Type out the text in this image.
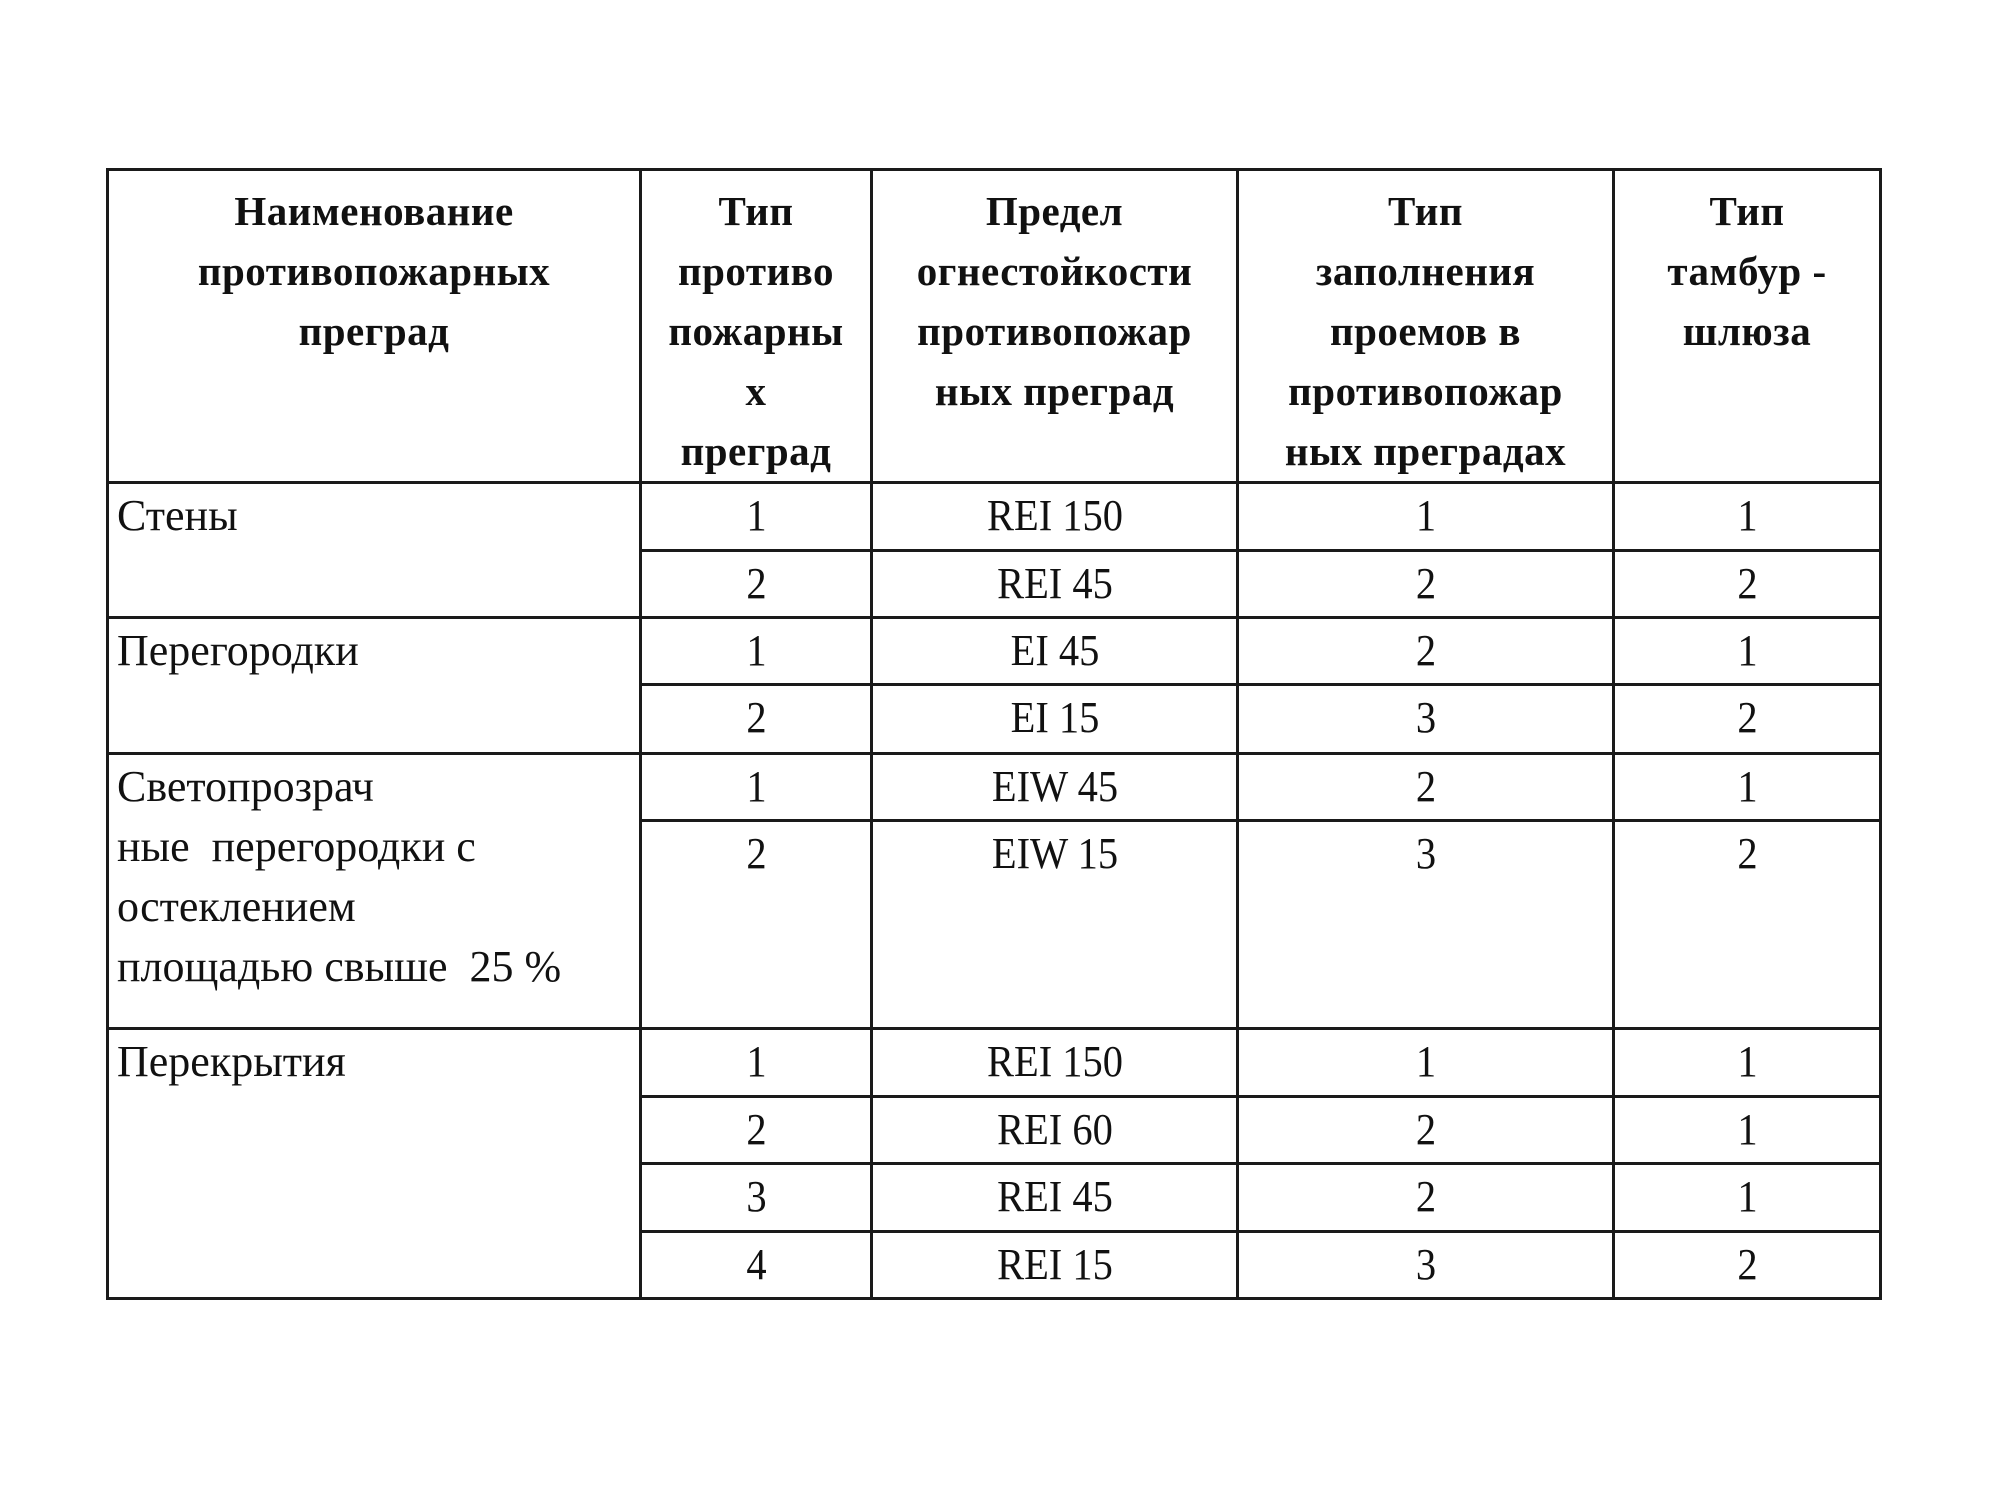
Наименование
противопожарных
преград	Тип
противо
пожарны
х
преград	Предел
огнестойкости
противопожар
ных преград	Тип
заполнения
проемов в
противопожар
ных преградах	Тип
тамбур -
шлюза

Стены	1	REI 150	1	1
	2	REI 45	2	2

Перегородки	1	EI 45	2	1
	2	EI 15	3	2

Светопрозрач
ные  перегородки с
остеклением
площадью свыше  25 %	1	EIW 45	2	1
	2	EIW 15	3	2

Перекрытия	1	REI 150	1	1
	2	REI 60	2	1
	3	REI 45	2	1
	4	REI 15	3	2
